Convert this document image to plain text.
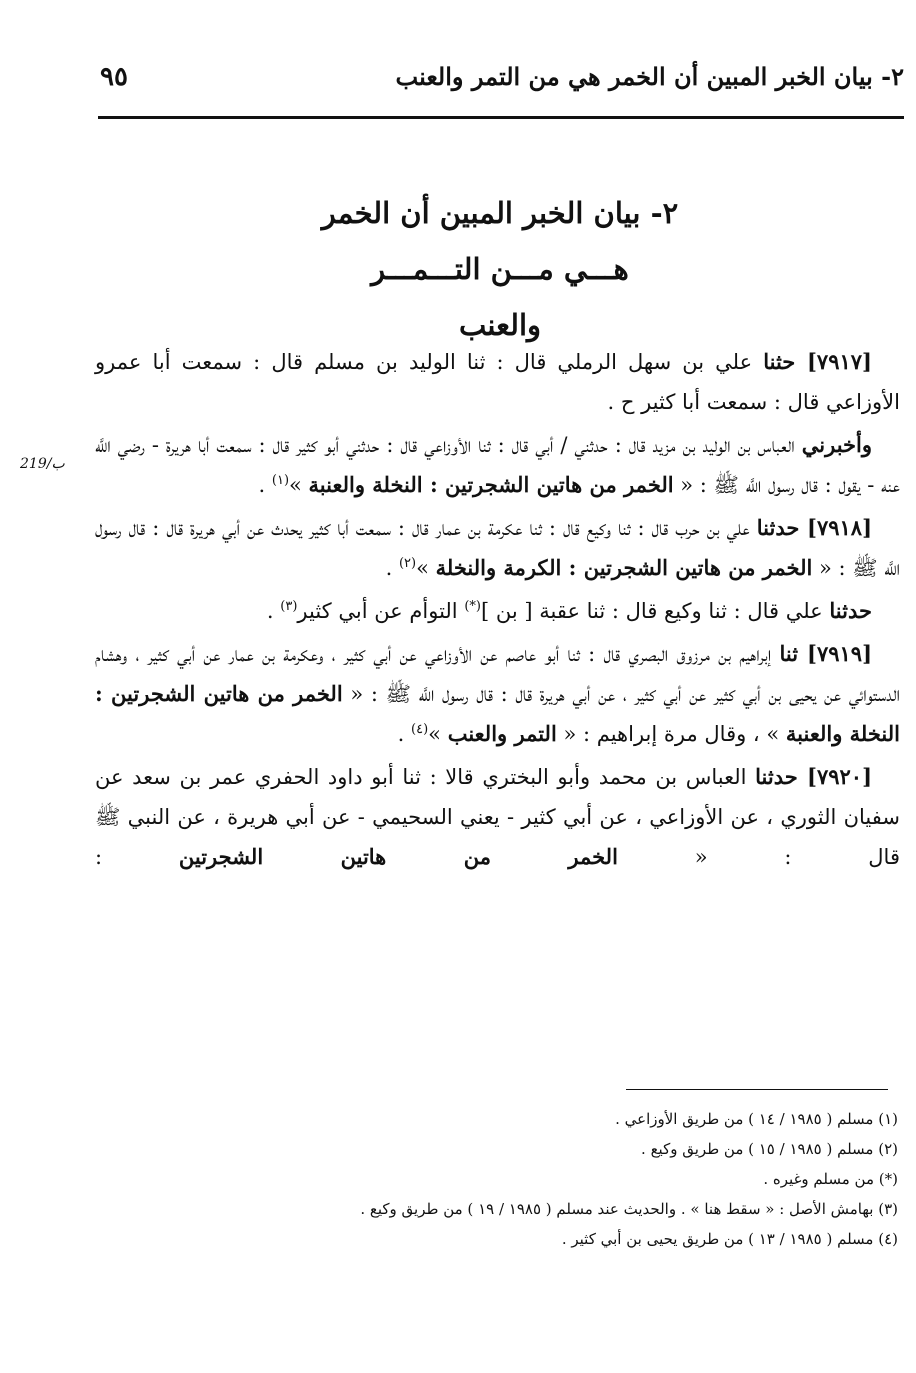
٢- بيان الخبر المبين أن الخمر هي من التمر والعنب
٩٥
٢- بيان الخبر المبين أن الخمر
هـــي مـــن التـــمـــر
والعنب
219/ب

[٧٩١٧] حثنا علي بن سهل الرملي قال : ثنا الوليد بن مسلم قال : سمعت أبا عمرو الأوزاعي قال : سمعت أبا كثير ح .

وأخبرني العباس بن الوليد بن مزيد قال : حدثني / أبي قال : ثنا الأوزاعي قال : حدثني أبو كثير قال : سمعت أبا هريرة - رضي اللَّه عنه - يقول : قال رسول اللَّه ﷺ : « الخمر من هاتين الشجرتين : النخلة والعنبة »$^{(١)}$ .

[٧٩١٨] حدثنا علي بن حرب قال : ثنا وكيع قال : ثنا عكرمة بن عمار قال : سمعت أبا كثير يحدث عن أبي هريرة قال : قال رسول اللَّه ﷺ : « الخمر من هاتين الشجرتين : الكرمة والنخلة »$^{(٢)}$ .

حدثنا علي قال : ثنا وكيع قال : ثنا عقبة [ بن ](*) التوأم عن أبي كثير$^{(٣)}$ .

[٧٩١٩] ثنا إبراهيم بن مرزوق البصري قال : ثنا أبو عاصم عن الأوزاعي عن أبي كثير ، وعكرمة بن عمار عن أبي كثير ، وهشام الدستوائي عن يحيى بن أبي كثير عن أبي كثير ، عن أبي هريرة قال : قال رسول اللَّه ﷺ : « الخمر من هاتين الشجرتين : النخلة والعنبة » ، وقال مرة إبراهيم : « التمر والعنب »$^{(٤)}$ .

[٧٩٢٠] حدثنا العباس بن محمد وأبو البختري قالا : ثنا أبو داود الحفري عمر بن سعد عن سفيان الثوري ، عن الأوزاعي ، عن أبي كثير - يعني السحيمي - عن أبي هريرة ، عن النبي ﷺ قال : « الخمر من هاتين الشجرتين :

(١) مسلم ( ١٩٨٥ / ١٤ ) من طريق الأوزاعي .
(٢) مسلم ( ١٩٨٥ / ١٥ ) من طريق وكيع .
(*) من مسلم وغيره .
(٣) بهامش الأصل : « سقط هنا » . والحديث عند مسلم ( ١٩٨٥ / ١٩ ) من طريق وكيع .
(٤) مسلم ( ١٩٨٥ / ١٣ ) من طريق يحيى بن أبي كثير .
